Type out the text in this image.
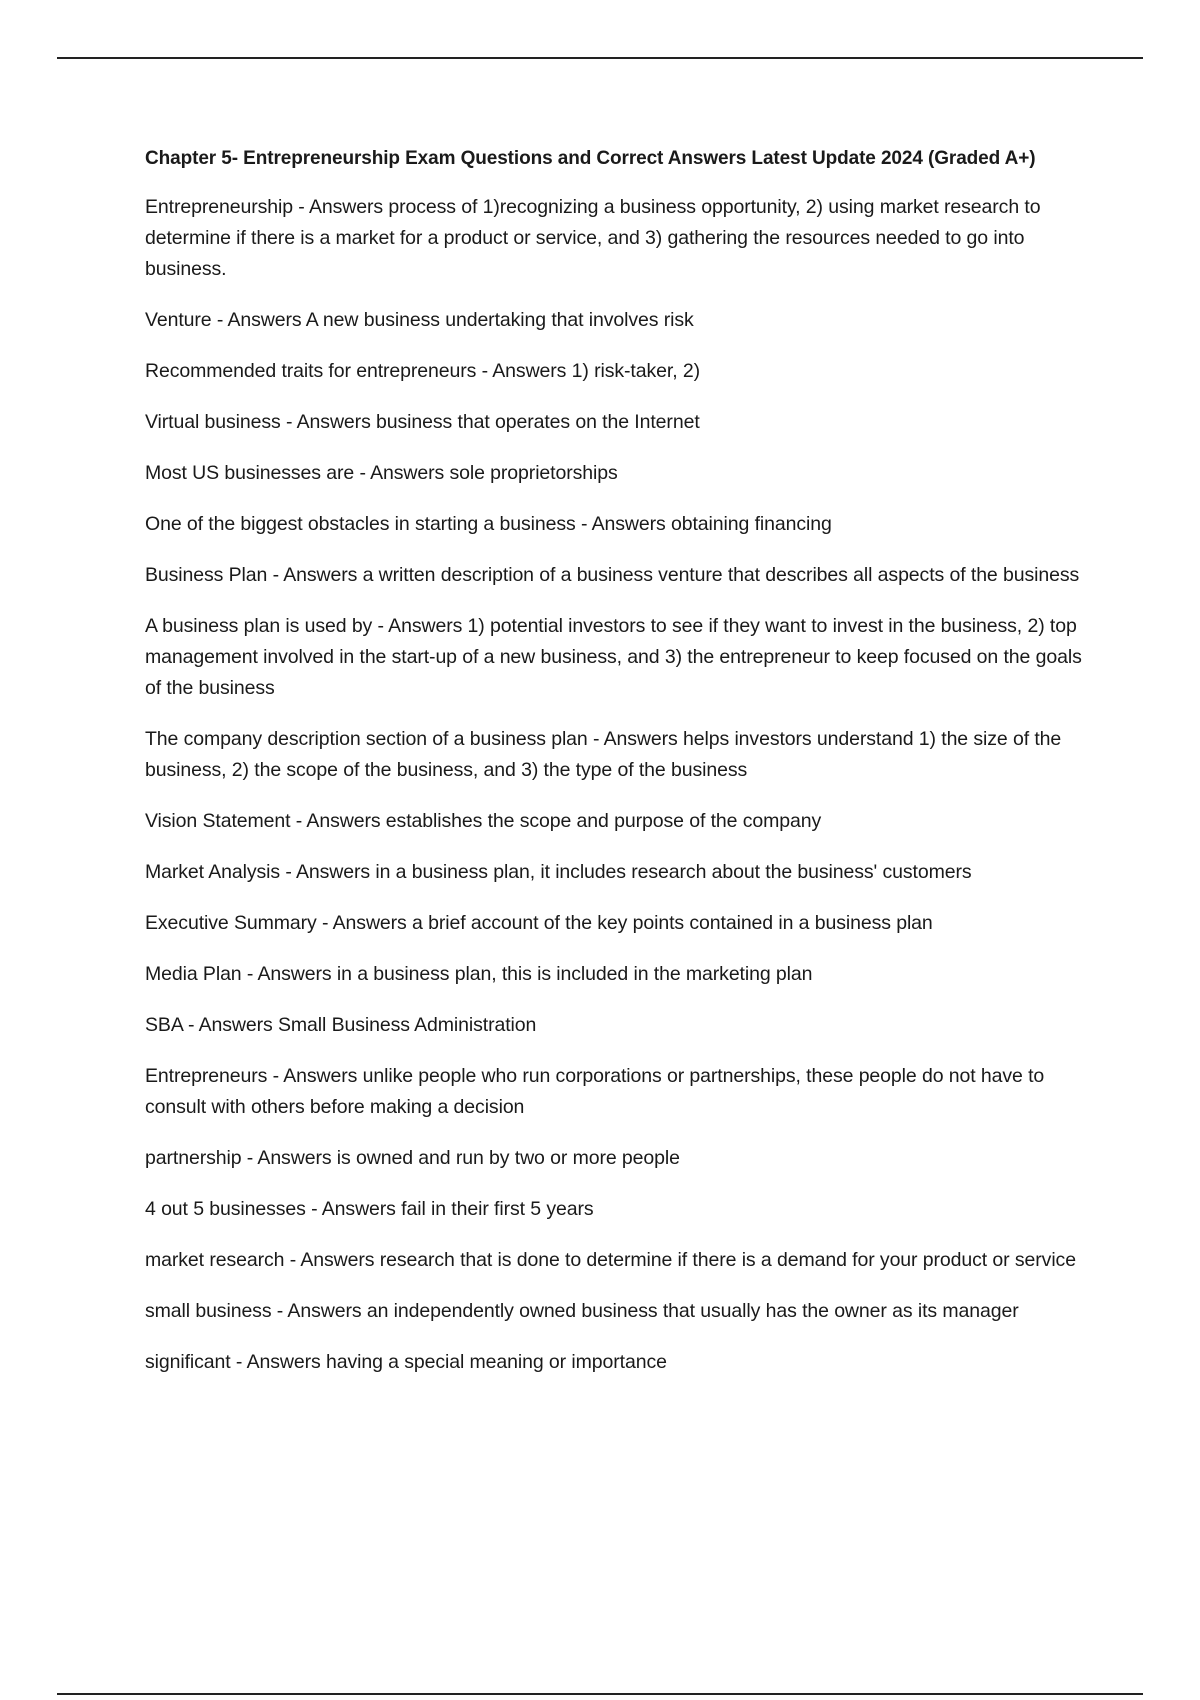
Chapter 5- Entrepreneurship Exam Questions and Correct Answers Latest Update 2024 (Graded A+)
Entrepreneurship - Answers process of 1)recognizing a business opportunity, 2) using market research to determine if there is a market for a product or service, and 3) gathering the resources needed to go into business.
Venture - Answers A new business undertaking that involves risk
Recommended traits for entrepreneurs - Answers 1) risk-taker, 2)
Virtual business - Answers business that operates on the Internet
Most US businesses are - Answers sole proprietorships
One of the biggest obstacles in starting a business - Answers obtaining financing
Business Plan - Answers a written description of a business venture that describes all aspects of the business
A business plan is used by - Answers 1) potential investors to see if they want to invest in the business, 2) top management involved in the start-up of a new business, and 3) the entrepreneur to keep focused on the goals of the business
The company description section of a business plan - Answers helps investors understand 1) the size of the business, 2) the scope of the business, and 3) the type of the business
Vision Statement - Answers establishes the scope and purpose of the company
Market Analysis - Answers in a business plan, it includes research about the business' customers
Executive Summary - Answers a brief account of the key points contained in a business plan
Media Plan - Answers in a business plan, this is included in the marketing plan
SBA - Answers Small Business Administration
Entrepreneurs - Answers unlike people who run corporations or partnerships, these people do not have to consult with others before making a decision
partnership - Answers is owned and run by two or more people
4 out 5 businesses - Answers fail in their first 5 years
market research - Answers research that is done to determine if there is a demand for your product or service
small business - Answers an independently owned business that usually has the owner as its manager
significant - Answers having a special meaning or importance
